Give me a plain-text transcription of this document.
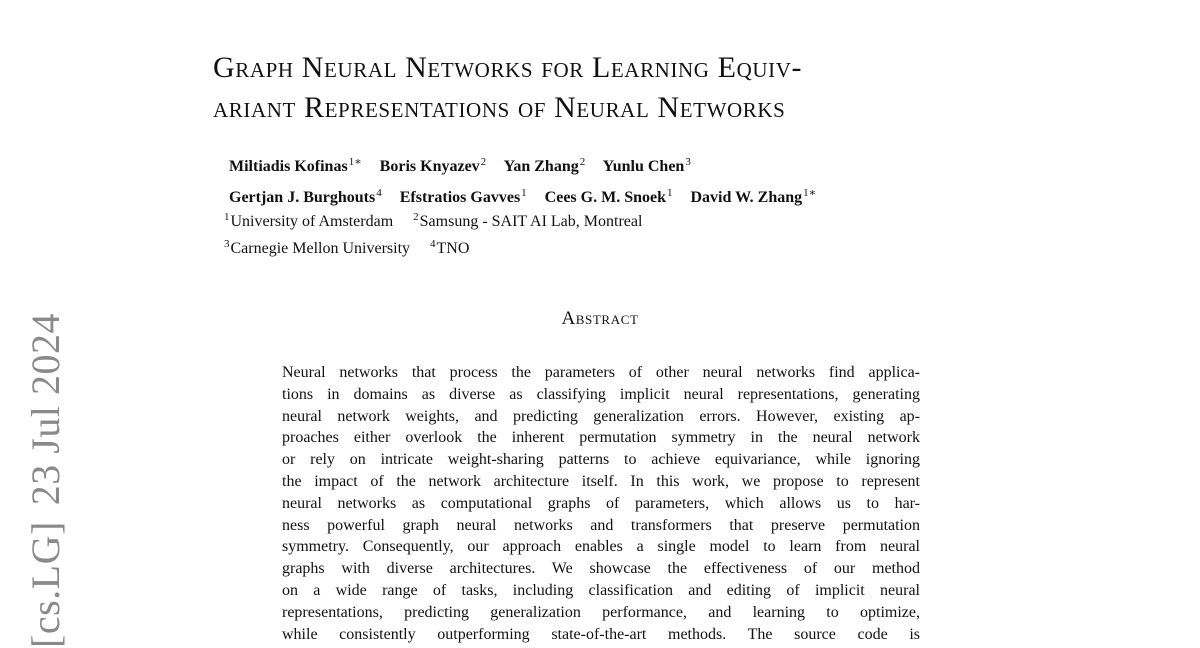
[cs.LG]23 Jul 2024
Graph Neural Networks for Learning Equiv-
ariant Representations of Neural Networks
Miltiadis Kofinas$^{1∗}$ Boris Knyazev$^2$ Yan Zhang$^2$ Yunlu Chen$^3$
Gertjan J. Burghouts$^4$ Efstratios Gavves$^1$ Cees G. M. Snoek$^1$ David W. Zhang$^{1∗}$
$^1$University of Amsterdam $^2$Samsung - SAIT AI Lab, Montreal
$^3$Carnegie Mellon University $^4$TNO
Abstract
Neural networks that process the parameters of other neural networks find applica-
tions in domains as diverse as classifying implicit neural representations, generating
neural network weights, and predicting generalization errors. However, existing ap-
proaches either overlook the inherent permutation symmetry in the neural network
or rely on intricate weight-sharing patterns to achieve equivariance, while ignoring
the impact of the network architecture itself. In this work, we propose to represent
neural networks as computational graphs of parameters, which allows us to har-
ness powerful graph neural networks and transformers that preserve permutation
symmetry. Consequently, our approach enables a single model to learn from neural
graphs with diverse architectures. We showcase the effectiveness of our method
on a wide range of tasks, including classification and editing of implicit neural
representations, predicting generalization performance, and learning to optimize,
while consistently outperforming state-of-the-art methods. The source code is
